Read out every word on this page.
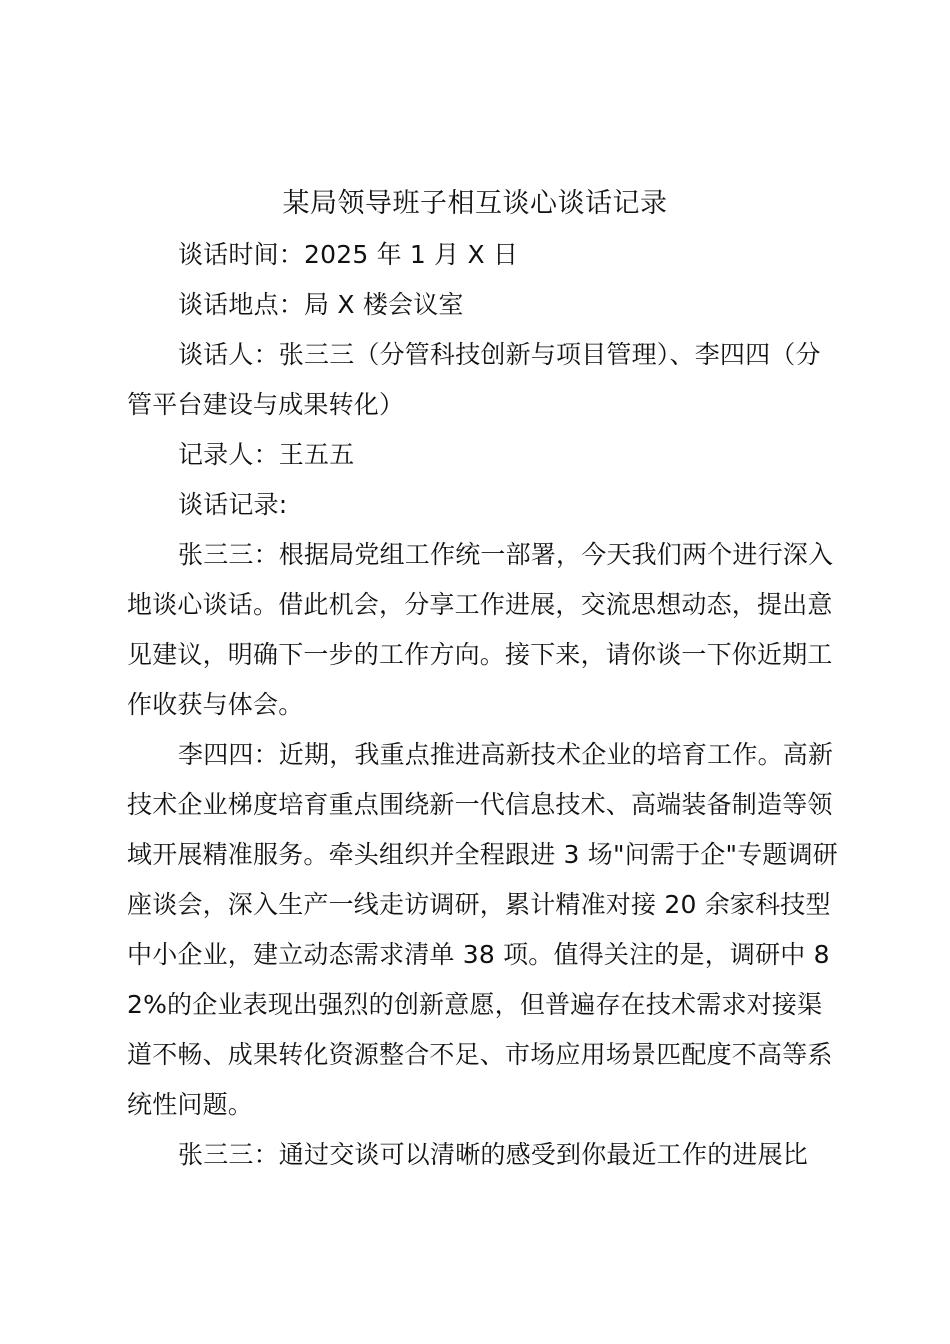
某局领导班子相互谈心谈话记录

谈话时间：2025 年 1 月 X 日

谈话地点：局 X 楼会议室

谈话人：张三三（分管科技创新与项目管理）、李四四（分管平台建设与成果转化）

记录人：王五五

谈话记录:

张三三：根据局党组工作统一部署，今天我们两个进行深入地谈心谈话。借此机会，分享工作进展，交流思想动态，提出意见建议，明确下一步的工作方向。接下来，请你谈一下你近期工作收获与体会。

李四四：近期，我重点推进高新技术企业的培育工作。高新技术企业梯度培育重点围绕新一代信息技术、高端装备制造等领域开展精准服务。牵头组织并全程跟进 3 场"问需于企"专题调研座谈会，深入生产一线走访调研，累计精准对接 20 余家科技型中小企业，建立动态需求清单 38 项。值得关注的是，调研中 82%的企业表现出强烈的创新意愿，但普遍存在技术需求对接渠道不畅、成果转化资源整合不足、市场应用场景匹配度不高等系统性问题。

张三三：通过交谈可以清晰的感受到你最近工作的进展比
